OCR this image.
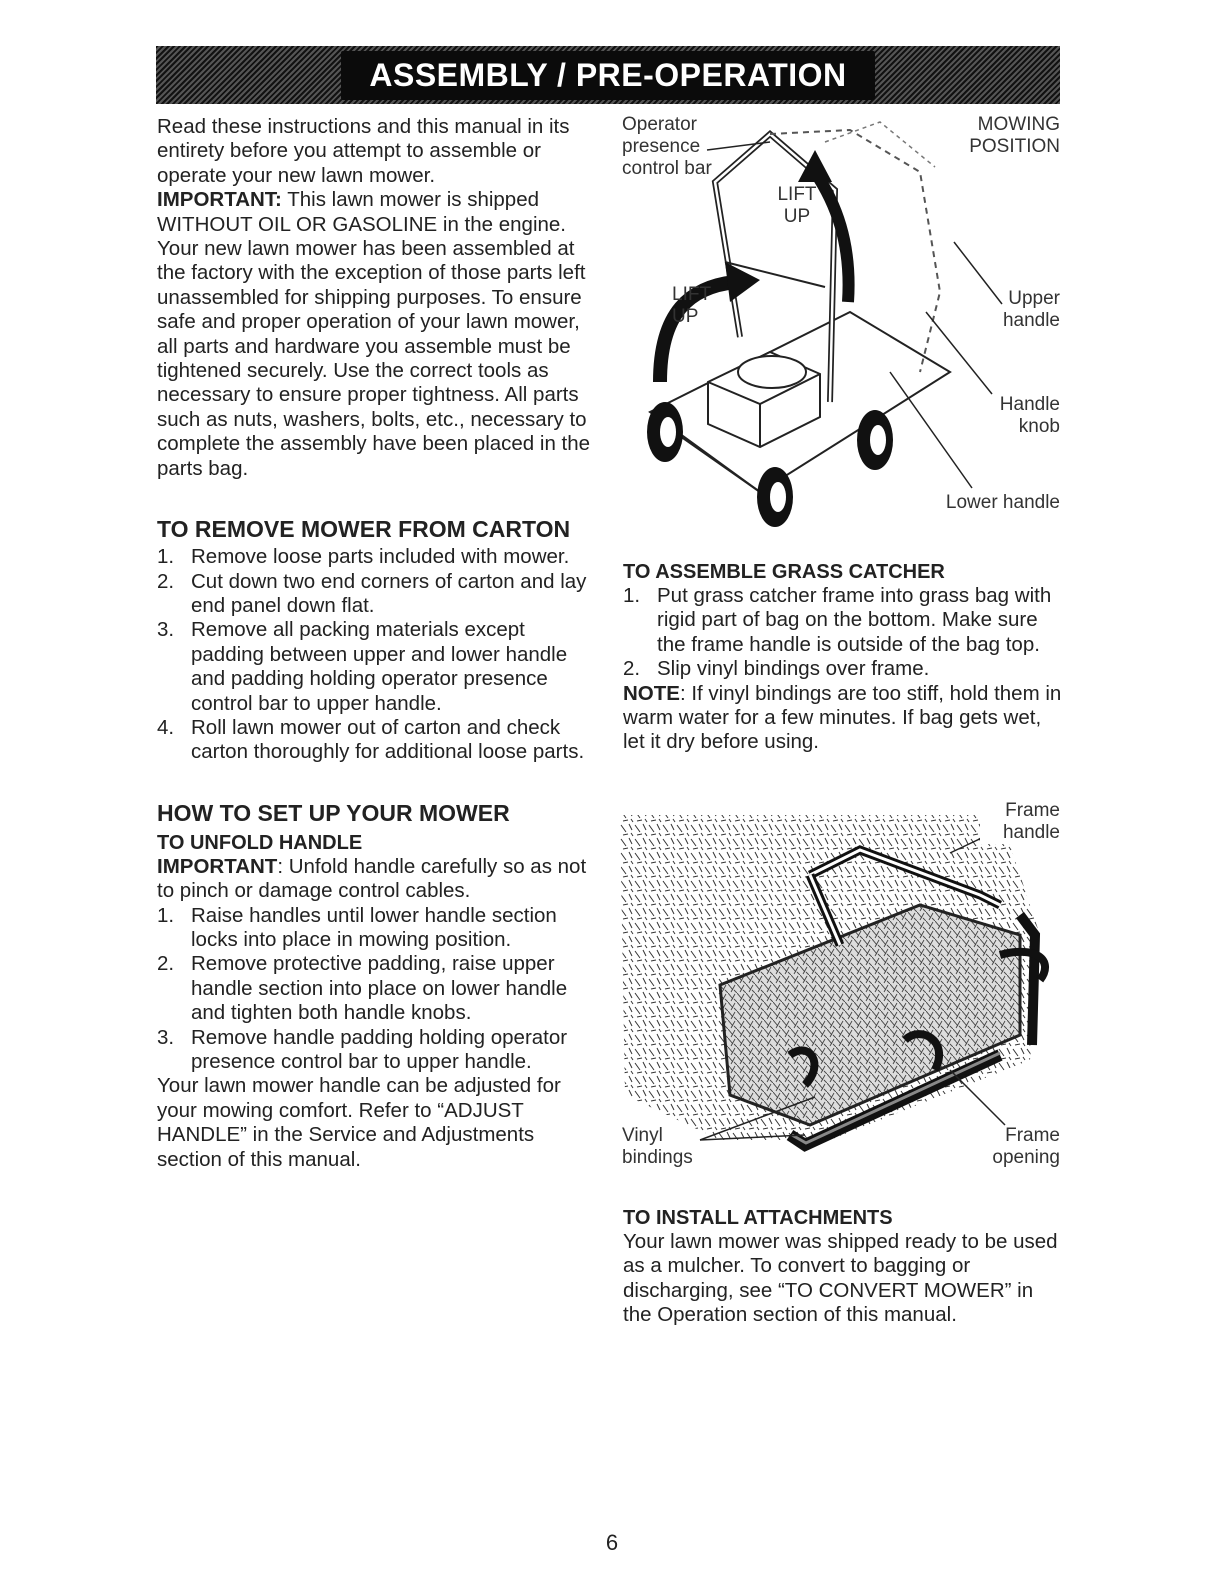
ASSEMBLY / PRE-OPERATION

Read these instructions and this manual in its entirety before you attempt to assemble or operate your new lawn mower.

IMPORTANT: This lawn mower is shipped WITHOUT OIL OR GASOLINE in the engine.

Your new lawn mower has been assembled at the factory with the exception of those parts left unassembled for shipping purposes. To ensure safe and proper operation of your lawn mower, all parts and hardware you assemble must be tightened securely. Use the correct tools as necessary to ensure proper tightness. All parts such as nuts, washers, bolts, etc., necessary to complete the assembly have been placed in the parts bag.

TO REMOVE MOWER FROM CARTON
1. Remove loose parts included with mower.
2. Cut down two end corners of carton and lay end panel down flat.
3. Remove all packing materials except padding between upper and lower handle and padding holding operator presence control bar to upper handle.
4. Roll lawn mower out of carton and check carton thoroughly for additional loose parts.
HOW TO SET UP YOUR MOWER
TO UNFOLD HANDLE

IMPORTANT: Unfold handle carefully so as not to pinch or damage control cables.

1. Raise handles until lower handle section locks into place in mowing position.
2. Remove protective padding, raise upper handle section into place on lower handle and tighten both handle knobs.
3. Remove handle padding holding operator presence control bar to upper handle.

Your lawn mower handle can be adjusted for your mowing comfort. Refer to “ADJUST HANDLE” in the Service and Adjustments section of this manual.

Operator presence control bar
MOWING POSITION
LIFT UP
LIFT UP
Upper handle
Handle knob
Lower handle
TO ASSEMBLE GRASS CATCHER
1. Put grass catcher frame into grass bag with rigid part of bag on the bottom. Make sure the frame handle is outside of the bag top.
2. Slip vinyl bindings over frame.

NOTE: If vinyl bindings are too stiff, hold them in warm water for a few minutes. If bag gets wet, let it dry before using.

Frame handle
Vinyl bindings
Frame opening
TO INSTALL ATTACHMENTS

Your lawn mower was shipped ready to be used as a mulcher. To convert to bagging or discharging, see “TO CONVERT MOWER” in the Operation section of this manual.

6
